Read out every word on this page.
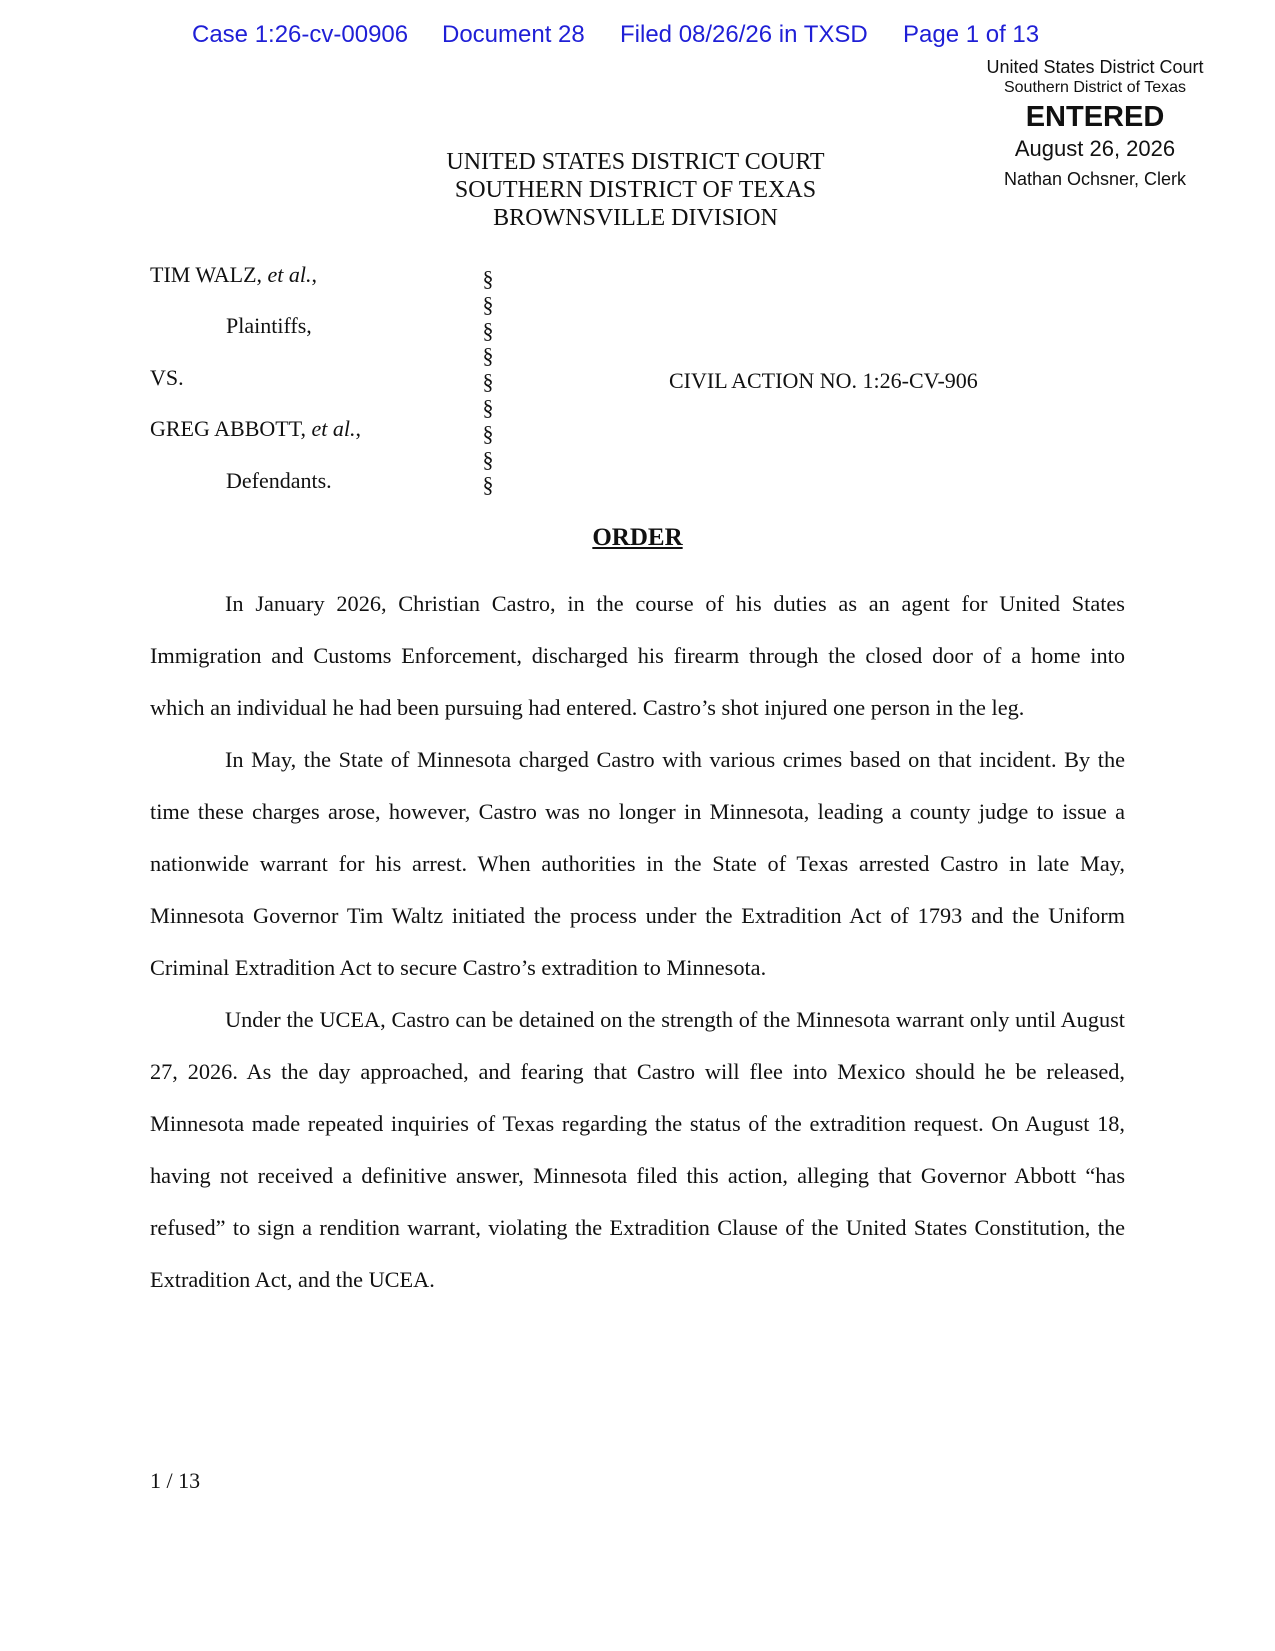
Case 1:26-cv-00906 Document 28 Filed 08/26/26 in TXSD Page 1 of 13
United States District Court
Southern District of Texas
ENTERED
August 26, 2026
Nathan Ochsner, Clerk
UNITED STATES DISTRICT COURT
SOUTHERN DISTRICT OF TEXAS
BROWNSVILLE DIVISION
TIM WALZ, et al.,
Plaintiffs,
VS.
GREG ABBOTT, et al.,
Defendants.
§
§
§
§
§
§
§
§
§
CIVIL ACTION NO. 1:26-CV-906
ORDER

In January 2026, Christian Castro, in the course of his duties as an agent for United States Immigration and Customs Enforcement, discharged his firearm through the closed door of a home into which an individual he had been pursuing had entered. Castro’s shot injured one person in the leg.

In May, the State of Minnesota charged Castro with various crimes based on that incident. By the time these charges arose, however, Castro was no longer in Minnesota, leading a county judge to issue a nationwide warrant for his arrest. When authorities in the State of Texas arrested Castro in late May, Minnesota Governor Tim Waltz initiated the process under the Extradition Act of 1793 and the Uniform Criminal Extradition Act to secure Castro’s extradition to Minnesota.

Under the UCEA, Castro can be detained on the strength of the Minnesota warrant only until August 27, 2026. As the day approached, and fearing that Castro will flee into Mexico should he be released, Minnesota made repeated inquiries of Texas regarding the status of the extradition request. On August 18, having not received a definitive answer, Minnesota filed this action, alleging that Governor Abbott “has refused” to sign a rendition warrant, violating the Extradition Clause of the United States Constitution, the Extradition Act, and the UCEA.

1 / 13
